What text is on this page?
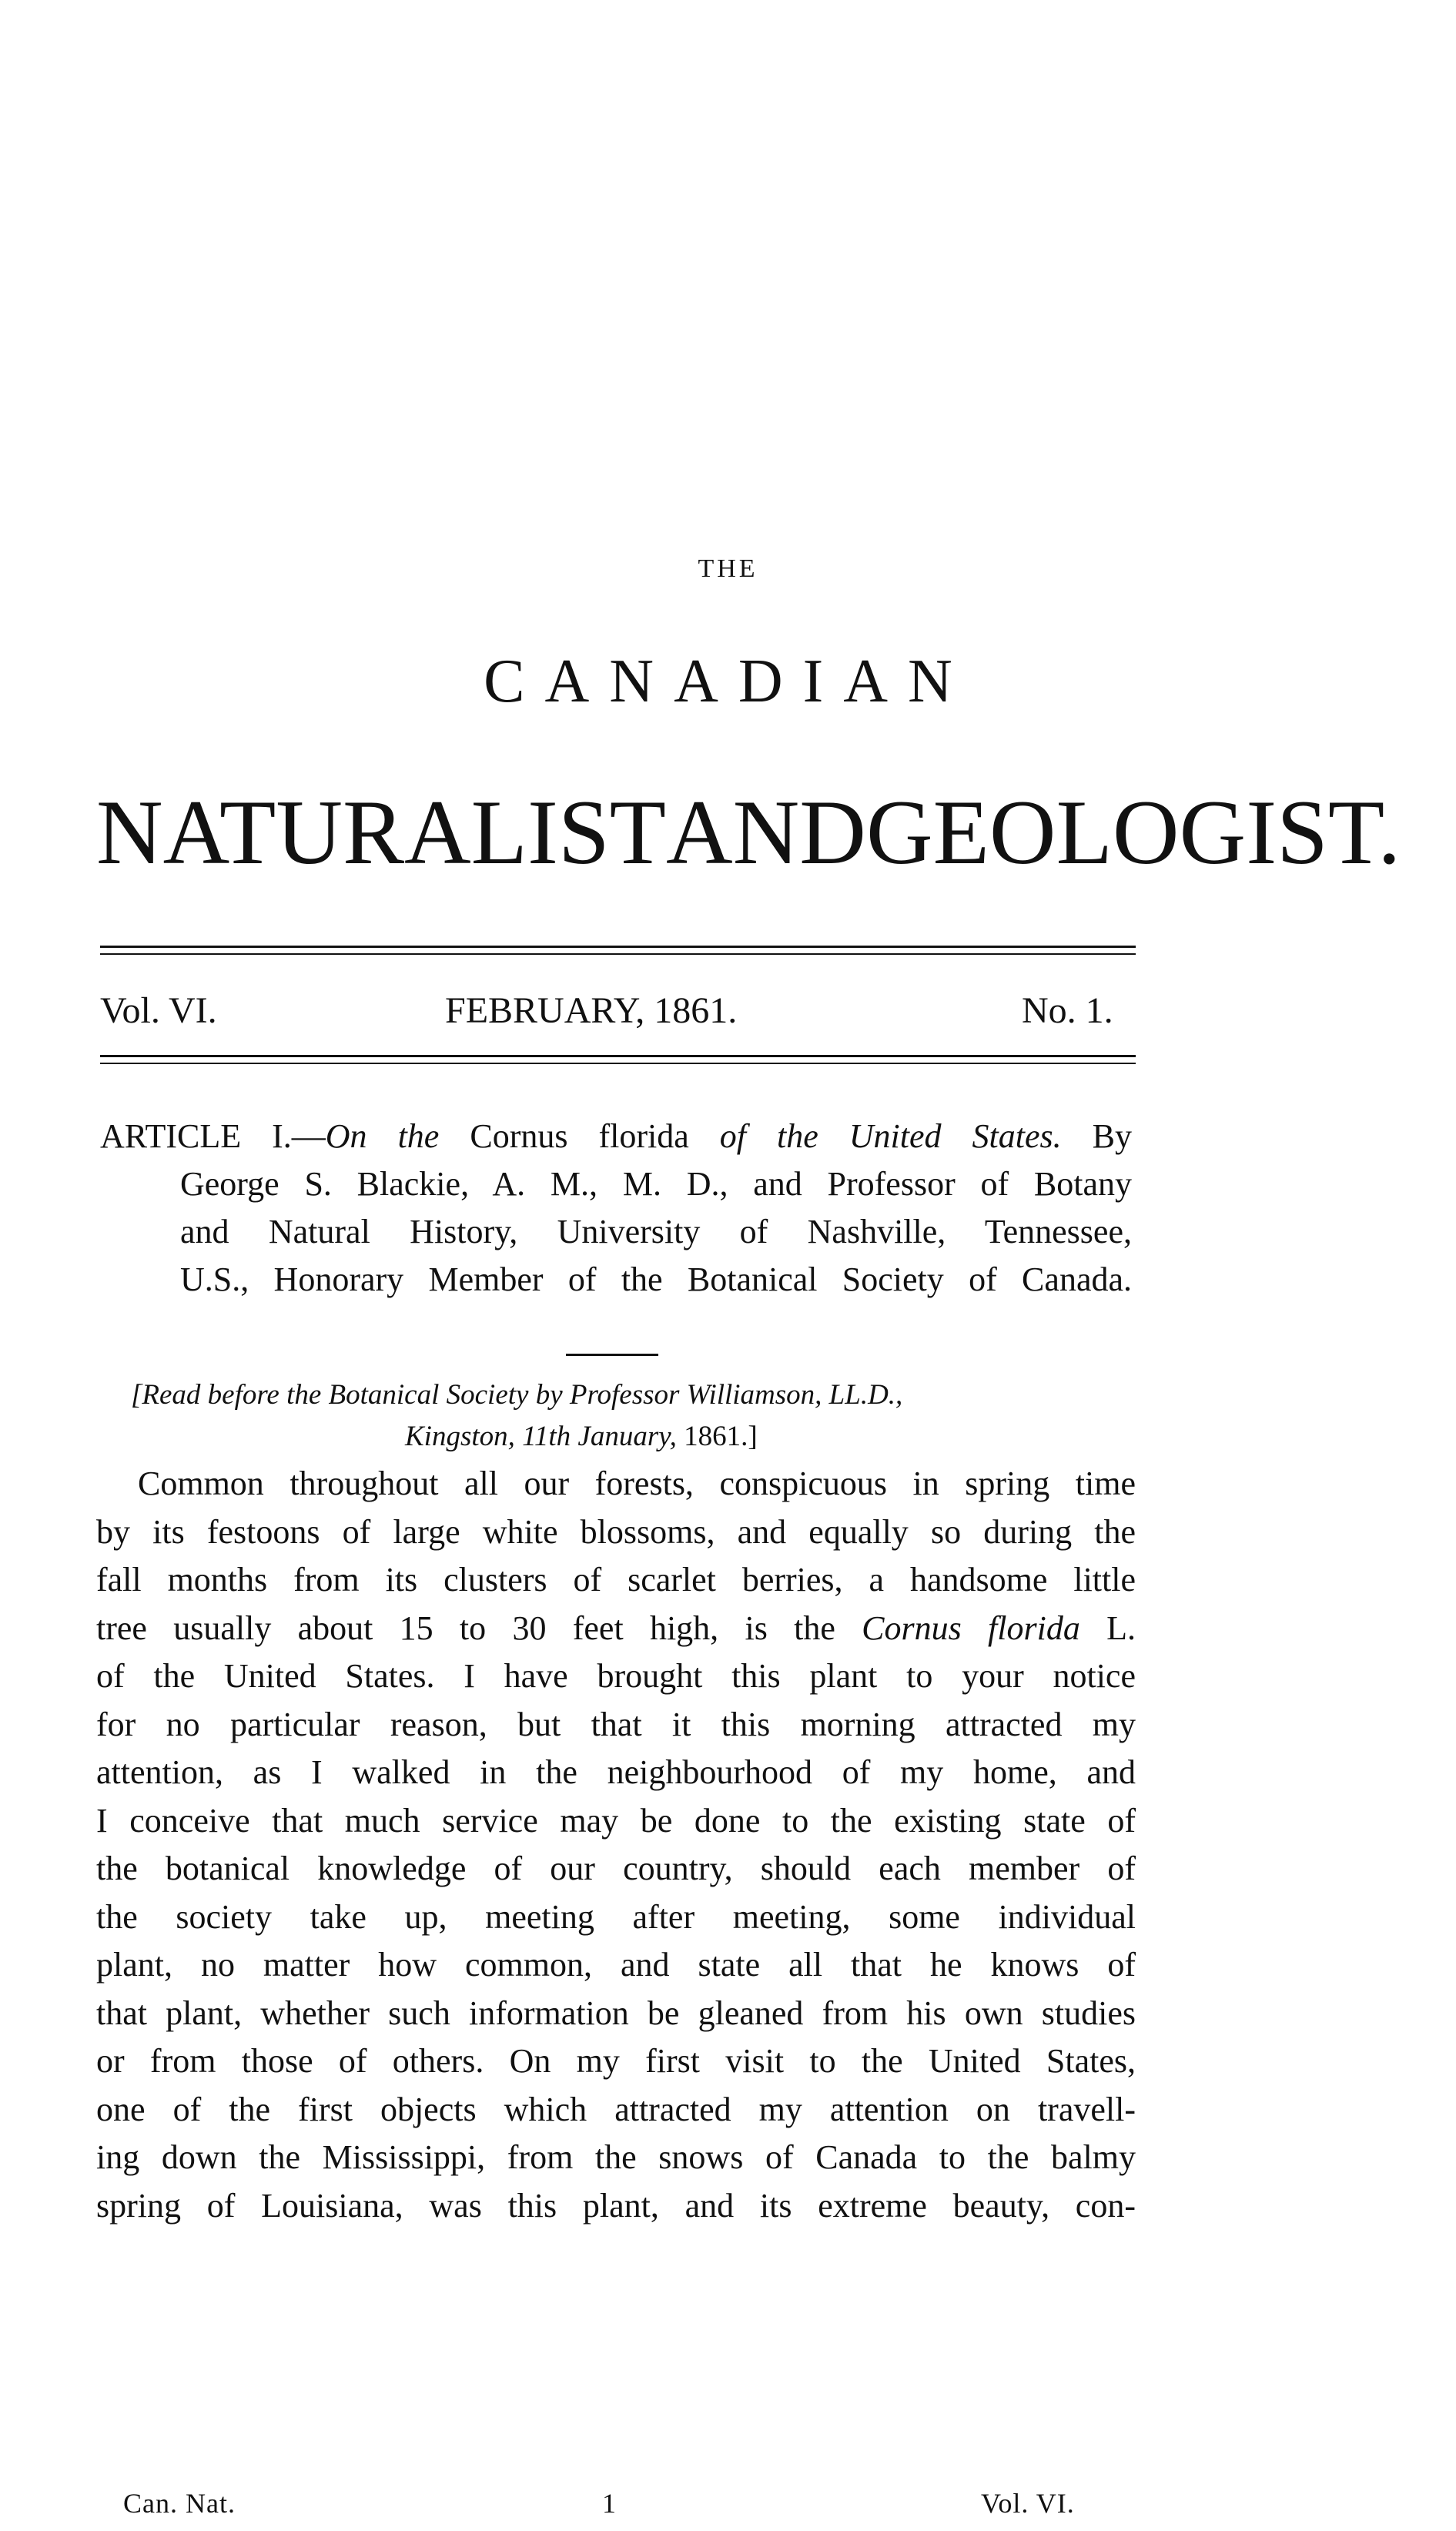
THE
CANADIAN
NATURALIST AND GEOLOGIST.
Vol. VI.	FEBRUARY, 1861.	No. 1.
ARTICLE I.—On the Cornus florida of the United States. By
George S. Blackie, A. M., M. D., and Professor of Botany
and Natural History, University of Nashville, Tennessee,
U.S., Honorary Member of the Botanical Society of Canada.
[Read before the Botanical Society by Professor Williamson, LL.D.,
Kingston, 11th January, 1861.]
Common throughout all our forests, conspicuous in spring time
by its festoons of large white blossoms, and equally so during the
fall months from its clusters of scarlet berries, a handsome little
tree usually about 15 to 30 feet high, is the Cornus florida L.
of the United States. I have brought this plant to your notice
for no particular reason, but that it this morning attracted my
attention, as I walked in the neighbourhood of my home, and
I conceive that much service may be done to the existing state of
the botanical knowledge of our country, should each member of
the society take up, meeting after meeting, some individual
plant, no matter how common, and state all that he knows of
that plant, whether such information be gleaned from his own studies
or from those of others. On my first visit to the United States,
one of the first objects which attracted my attention on travell-
ing down the Mississippi, from the snows of Canada to the balmy
spring of Louisiana, was this plant, and its extreme beauty, con-
Can. Nat.	1	Vol. VI.
